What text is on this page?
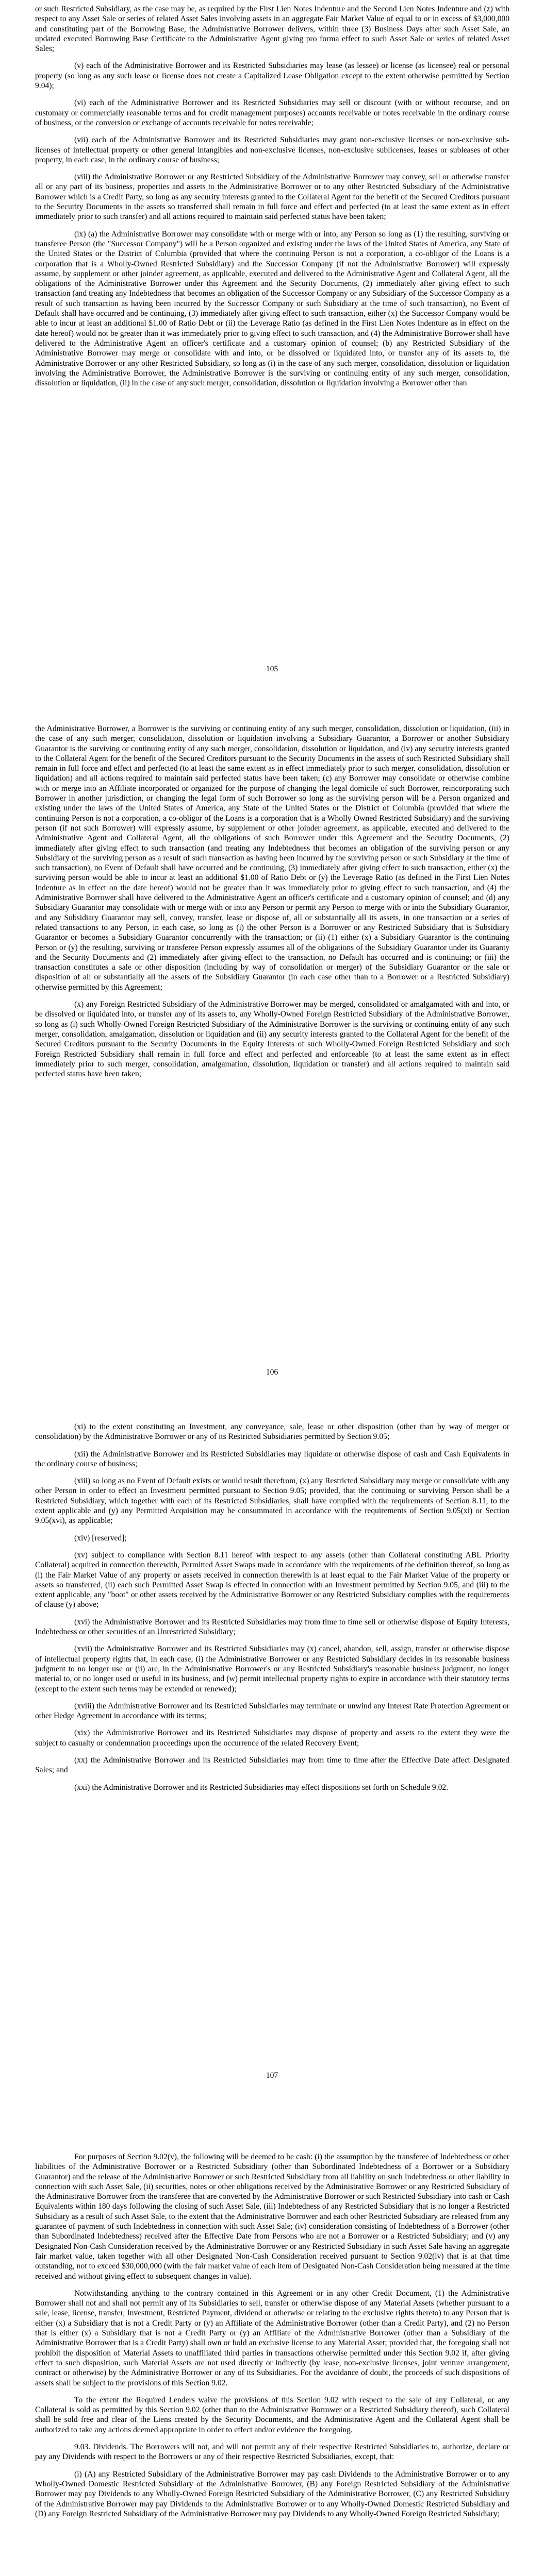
or such Restricted Subsidiary, as the case may be, as required by the First Lien Notes Indenture and the Second Lien Notes Indenture and (z) with respect to any Asset Sale or series of related Asset Sales involving assets in an aggregate Fair Market Value of equal to or in excess of $3,000,000 and constituting part of the Borrowing Base, the Administrative Borrower delivers, within three (3) Business Days after such Asset Sale, an updated executed Borrowing Base Certificate to the Administrative Agent giving pro forma effect to such Asset Sale or series of related Asset Sales;

(v) each of the Administrative Borrower and its Restricted Subsidiaries may lease (as lessee) or license (as licensee) real or personal property (so long as any such lease or license does not create a Capitalized Lease Obligation except to the extent otherwise permitted by Section 9.04);

(vi) each of the Administrative Borrower and its Restricted Subsidiaries may sell or discount (with or without recourse, and on customary or commercially reasonable terms and for credit management purposes) accounts receivable or notes receivable in the ordinary course of business, or the conversion or exchange of accounts receivable for notes receivable;

(vii) each of the Administrative Borrower and its Restricted Subsidiaries may grant non-exclusive licenses or non-exclusive sub-licenses of intellectual property or other general intangibles and non-exclusive licenses, non-exclusive sublicenses, leases or subleases of other property, in each case, in the ordinary course of business;

(viii) the Administrative Borrower or any Restricted Subsidiary of the Administrative Borrower may convey, sell or otherwise transfer all or any part of its business, properties and assets to the Administrative Borrower or to any other Restricted Subsidiary of the Administrative Borrower which is a Credit Party, so long as any security interests granted to the Collateral Agent for the benefit of the Secured Creditors pursuant to the Security Documents in the assets so transferred shall remain in full force and effect and perfected (to at least the same extent as in effect immediately prior to such transfer) and all actions required to maintain said perfected status have been taken;

(ix) (a) the Administrative Borrower may consolidate with or merge with or into, any Person so long as (1) the resulting, surviving or transferee Person (the "Successor Company") will be a Person organized and existing under the laws of the United States of America, any State of the United States or the District of Columbia (provided that where the continuing Person is not a corporation, a co-obligor of the Loans is a corporation that is a Wholly-Owned Restricted Subsidiary) and the Successor Company (if not the Administrative Borrower) will expressly assume, by supplement or other joinder agreement, as applicable, executed and delivered to the Administrative Agent and Collateral Agent, all the obligations of the Administrative Borrower under this Agreement and the Security Documents, (2) immediately after giving effect to such transaction (and treating any Indebtedness that becomes an obligation of the Successor Company or any Subsidiary of the Successor Company as a result of such transaction as having been incurred by the Successor Company or such Subsidiary at the time of such transaction), no Event of Default shall have occurred and be continuing, (3) immediately after giving effect to such transaction, either (x) the Successor Company would be able to incur at least an additional $1.00 of Ratio Debt or (ii) the Leverage Ratio (as defined in the First Lien Notes Indenture as in effect on the date hereof) would not be greater than it was immediately prior to giving effect to such transaction, and (4) the Administrative Borrower shall have delivered to the Administrative Agent an officer's certificate and a customary opinion of counsel; (b) any Restricted Subsidiary of the Administrative Borrower may merge or consolidate with and into, or be dissolved or liquidated into, or transfer any of its assets to, the Administrative Borrower or any other Restricted Subsidiary, so long as (i) in the case of any such merger, consolidation, dissolution or liquidation involving the Administrative Borrower, the Administrative Borrower is the surviving or continuing entity of any such merger, consolidation, dissolution or liquidation, (ii) in the case of any such merger, consolidation, dissolution or liquidation involving a Borrower other than

105

the Administrative Borrower, a Borrower is the surviving or continuing entity of any such merger, consolidation, dissolution or liquidation, (iii) in the case of any such merger, consolidation, dissolution or liquidation involving a Subsidiary Guarantor, a Borrower or another Subsidiary Guarantor is the surviving or continuing entity of any such merger, consolidation, dissolution or liquidation, and (iv) any security interests granted to the Collateral Agent for the benefit of the Secured Creditors pursuant to the Security Documents in the assets of such Restricted Subsidiary shall remain in full force and effect and perfected (to at least the same extent as in effect immediately prior to such merger, consolidation, dissolution or liquidation) and all actions required to maintain said perfected status have been taken; (c) any Borrower may consolidate or otherwise combine with or merge into an Affiliate incorporated or organized for the purpose of changing the legal domicile of such Borrower, reincorporating such Borrower in another jurisdiction, or changing the legal form of such Borrower so long as the surviving person will be a Person organized and existing under the laws of the United States of America, any State of the United States or the District of Columbia (provided that where the continuing Person is not a corporation, a co-obligor of the Loans is a corporation that is a Wholly Owned Restricted Subsidiary) and the surviving person (if not such Borrower) will expressly assume, by supplement or other joinder agreement, as applicable, executed and delivered to the Administrative Agent and Collateral Agent, all the obligations of such Borrower under this Agreement and the Security Documents, (2) immediately after giving effect to such transaction (and treating any Indebtedness that becomes an obligation of the surviving person or any Subsidiary of the surviving person as a result of such transaction as having been incurred by the surviving person or such Subsidiary at the time of such transaction), no Event of Default shall have occurred and be continuing, (3) immediately after giving effect to such transaction, either (x) the surviving person would be able to incur at least an additional $1.00 of Ratio Debt or (y) the Leverage Ratio (as defined in the First Lien Notes Indenture as in effect on the date hereof) would not be greater than it was immediately prior to giving effect to such transaction, and (4) the Administrative Borrower shall have delivered to the Administrative Agent an officer's certificate and a customary opinion of counsel; and (d) any Subsidiary Guarantor may consolidate with or merge with or into any Person or permit any Person to merge with or into the Subsidiary Guarantor, and any Subsidiary Guarantor may sell, convey, transfer, lease or dispose of, all or substantially all its assets, in one transaction or a series of related transactions to any Person, in each case, so long as (i) the other Person is a Borrower or any Restricted Subsidiary that is Subsidiary Guarantor or becomes a Subsidiary Guarantor concurrently with the transaction; or (ii) (1) either (x) a Subsidiary Guarantor is the continuing Person or (y) the resulting, surviving or transferee Person expressly assumes all of the obligations of the Subsidiary Guarantor under its Guaranty and the Security Documents and (2) immediately after giving effect to the transaction, no Default has occurred and is continuing; or (iii) the transaction constitutes a sale or other disposition (including by way of consolidation or merger) of the Subsidiary Guarantor or the sale or disposition of all or substantially all the assets of the Subsidiary Guarantor (in each case other than to a Borrower or a Restricted Subsidiary) otherwise permitted by this Agreement;

(x) any Foreign Restricted Subsidiary of the Administrative Borrower may be merged, consolidated or amalgamated with and into, or be dissolved or liquidated into, or transfer any of its assets to, any Wholly-Owned Foreign Restricted Subsidiary of the Administrative Borrower, so long as (i) such Wholly-Owned Foreign Restricted Subsidiary of the Administrative Borrower is the surviving or continuing entity of any such merger, consolidation, amalgamation, dissolution or liquidation and (ii) any security interests granted to the Collateral Agent for the benefit of the Secured Creditors pursuant to the Security Documents in the Equity Interests of such Wholly-Owned Foreign Restricted Subsidiary and such Foreign Restricted Subsidiary shall remain in full force and effect and perfected and enforceable (to at least the same extent as in effect immediately prior to such merger, consolidation, amalgamation, dissolution, liquidation or transfer) and all actions required to maintain said perfected status have been taken;

106

(xi) to the extent constituting an Investment, any conveyance, sale, lease or other disposition (other than by way of merger or consolidation) by the Administrative Borrower or any of its Restricted Subsidiaries permitted by Section 9.05;

(xii) the Administrative Borrower and its Restricted Subsidiaries may liquidate or otherwise dispose of cash and Cash Equivalents in the ordinary course of business;

(xiii) so long as no Event of Default exists or would result therefrom, (x) any Restricted Subsidiary may merge or consolidate with any other Person in order to effect an Investment permitted pursuant to Section 9.05; provided, that the continuing or surviving Person shall be a Restricted Subsidiary, which together with each of its Restricted Subsidiaries, shall have complied with the requirements of Section 8.11, to the extent applicable and (y) any Permitted Acquisition may be consummated in accordance with the requirements of Section 9.05(xi) or Section 9.05(xvi), as applicable;

(xiv) [reserved];

(xv) subject to compliance with Section 8.11 hereof with respect to any assets (other than Collateral constituting ABL Priority Collateral) acquired in connection therewith, Permitted Asset Swaps made in accordance with the requirements of the definition thereof, so long as (i) the Fair Market Value of any property or assets received in connection therewith is at least equal to the Fair Market Value of the property or assets so transferred, (ii) each such Permitted Asset Swap is effected in connection with an Investment permitted by Section 9.05, and (iii) to the extent applicable, any "boot" or other assets received by the Administrative Borrower or any Restricted Subsidiary complies with the requirements of clause (y) above;

(xvi) the Administrative Borrower and its Restricted Subsidiaries may from time to time sell or otherwise dispose of Equity Interests, Indebtedness or other securities of an Unrestricted Subsidiary;

(xvii) the Administrative Borrower and its Restricted Subsidiaries may (x) cancel, abandon, sell, assign, transfer or otherwise dispose of intellectual property rights that, in each case, (i) the Administrative Borrower or any Restricted Subsidiary decides in its reasonable business judgment to no longer use or (ii) are, in the Administrative Borrower's or any Restricted Subsidiary's reasonable business judgment, no longer material to, or no longer used or useful in its business, and (w) permit intellectual property rights to expire in accordance with their statutory terms (except to the extent such terms may be extended or renewed);

(xviii) the Administrative Borrower and its Restricted Subsidiaries may terminate or unwind any Interest Rate Protection Agreement or other Hedge Agreement in accordance with its terms;

(xix) the Administrative Borrower and its Restricted Subsidiaries may dispose of property and assets to the extent they were the subject to casualty or condemnation proceedings upon the occurrence of the related Recovery Event;

(xx) the Administrative Borrower and its Restricted Subsidiaries may from time to time after the Effective Date affect Designated Sales; and

(xxi) the Administrative Borrower and its Restricted Subsidiaries may effect dispositions set forth on Schedule 9.02.

107

For purposes of Section 9.02(v), the following will be deemed to be cash: (i) the assumption by the transferee of Indebtedness or other liabilities of the Administrative Borrower or a Restricted Subsidiary (other than Subordinated Indebtedness of a Borrower or a Subsidiary Guarantor) and the release of the Administrative Borrower or such Restricted Subsidiary from all liability on such Indebtedness or other liability in connection with such Asset Sale, (ii) securities, notes or other obligations received by the Administrative Borrower or any Restricted Subsidiary of the Administrative Borrower from the transferee that are converted by the Administrative Borrower or such Restricted Subsidiary into cash or Cash Equivalents within 180 days following the closing of such Asset Sale, (iii) Indebtedness of any Restricted Subsidiary that is no longer a Restricted Subsidiary as a result of such Asset Sale, to the extent that the Administrative Borrower and each other Restricted Subsidiary are released from any guarantee of payment of such Indebtedness in connection with such Asset Sale; (iv) consideration consisting of Indebtedness of a Borrower (other than Subordinated Indebtedness) received after the Effective Date from Persons who are not a Borrower or a Restricted Subsidiary; and (v) any Designated Non-Cash Consideration received by the Administrative Borrower or any Restricted Subsidiary in such Asset Sale having an aggregate fair market value, taken together with all other Designated Non-Cash Consideration received pursuant to Section 9.02(iv) that is at that time outstanding, not to exceed $30,000,000 (with the fair market value of each item of Designated Non-Cash Consideration being measured at the time received and without giving effect to subsequent changes in value).

Notwithstanding anything to the contrary contained in this Agreement or in any other Credit Document, (1) the Administrative Borrower shall not and shall not permit any of its Subsidiaries to sell, transfer or otherwise dispose of any Material Assets (whether pursuant to a sale, lease, license, transfer, Investment, Restricted Payment, dividend or otherwise or relating to the exclusive rights thereto) to any Person that is either (x) a Subsidiary that is not a Credit Party or (y) an Affiliate of the Administrative Borrower (other than a Credit Party), and (2) no Person that is either (x) a Subsidiary that is not a Credit Party or (y) an Affiliate of the Administrative Borrower (other than a Subsidiary of the Administrative Borrower that is a Credit Party) shall own or hold an exclusive license to any Material Asset; provided that, the foregoing shall not prohibit the disposition of Material Assets to unaffiliated third parties in transactions otherwise permitted under this Section 9.02 if, after giving effect to such disposition, such Material Assets are not used directly or indirectly (by lease, non-exclusive licenses, joint venture arrangement, contract or otherwise) by the Administrative Borrower or any of its Subsidiaries. For the avoidance of doubt, the proceeds of such dispositions of assets shall be subject to the provisions of this Section 9.02.

To the extent the Required Lenders waive the provisions of this Section 9.02 with respect to the sale of any Collateral, or any Collateral is sold as permitted by this Section 9.02 (other than to the Administrative Borrower or a Restricted Subsidiary thereof), such Collateral shall be sold free and clear of the Liens created by the Security Documents, and the Administrative Agent and the Collateral Agent shall be authorized to take any actions deemed appropriate in order to effect and/or evidence the foregoing.

9.03. Dividends. The Borrowers will not, and will not permit any of their respective Restricted Subsidiaries to, authorize, declare or pay any Dividends with respect to the Borrowers or any of their respective Restricted Subsidiaries, except, that:

(i) (A) any Restricted Subsidiary of the Administrative Borrower may pay cash Dividends to the Administrative Borrower or to any Wholly-Owned Domestic Restricted Subsidiary of the Administrative Borrower, (B) any Foreign Restricted Subsidiary of the Administrative Borrower may pay Dividends to any Wholly-Owned Foreign Restricted Subsidiary of the Administrative Borrower, (C) any Restricted Subsidiary of the Administrative Borrower may pay Dividends to the Administrative Borrower or to any Wholly-Owned Domestic Restricted Subsidiary and (D) any Foreign Restricted Subsidiary of the Administrative Borrower may pay Dividends to any Wholly-Owned Foreign Restricted Subsidiary;
